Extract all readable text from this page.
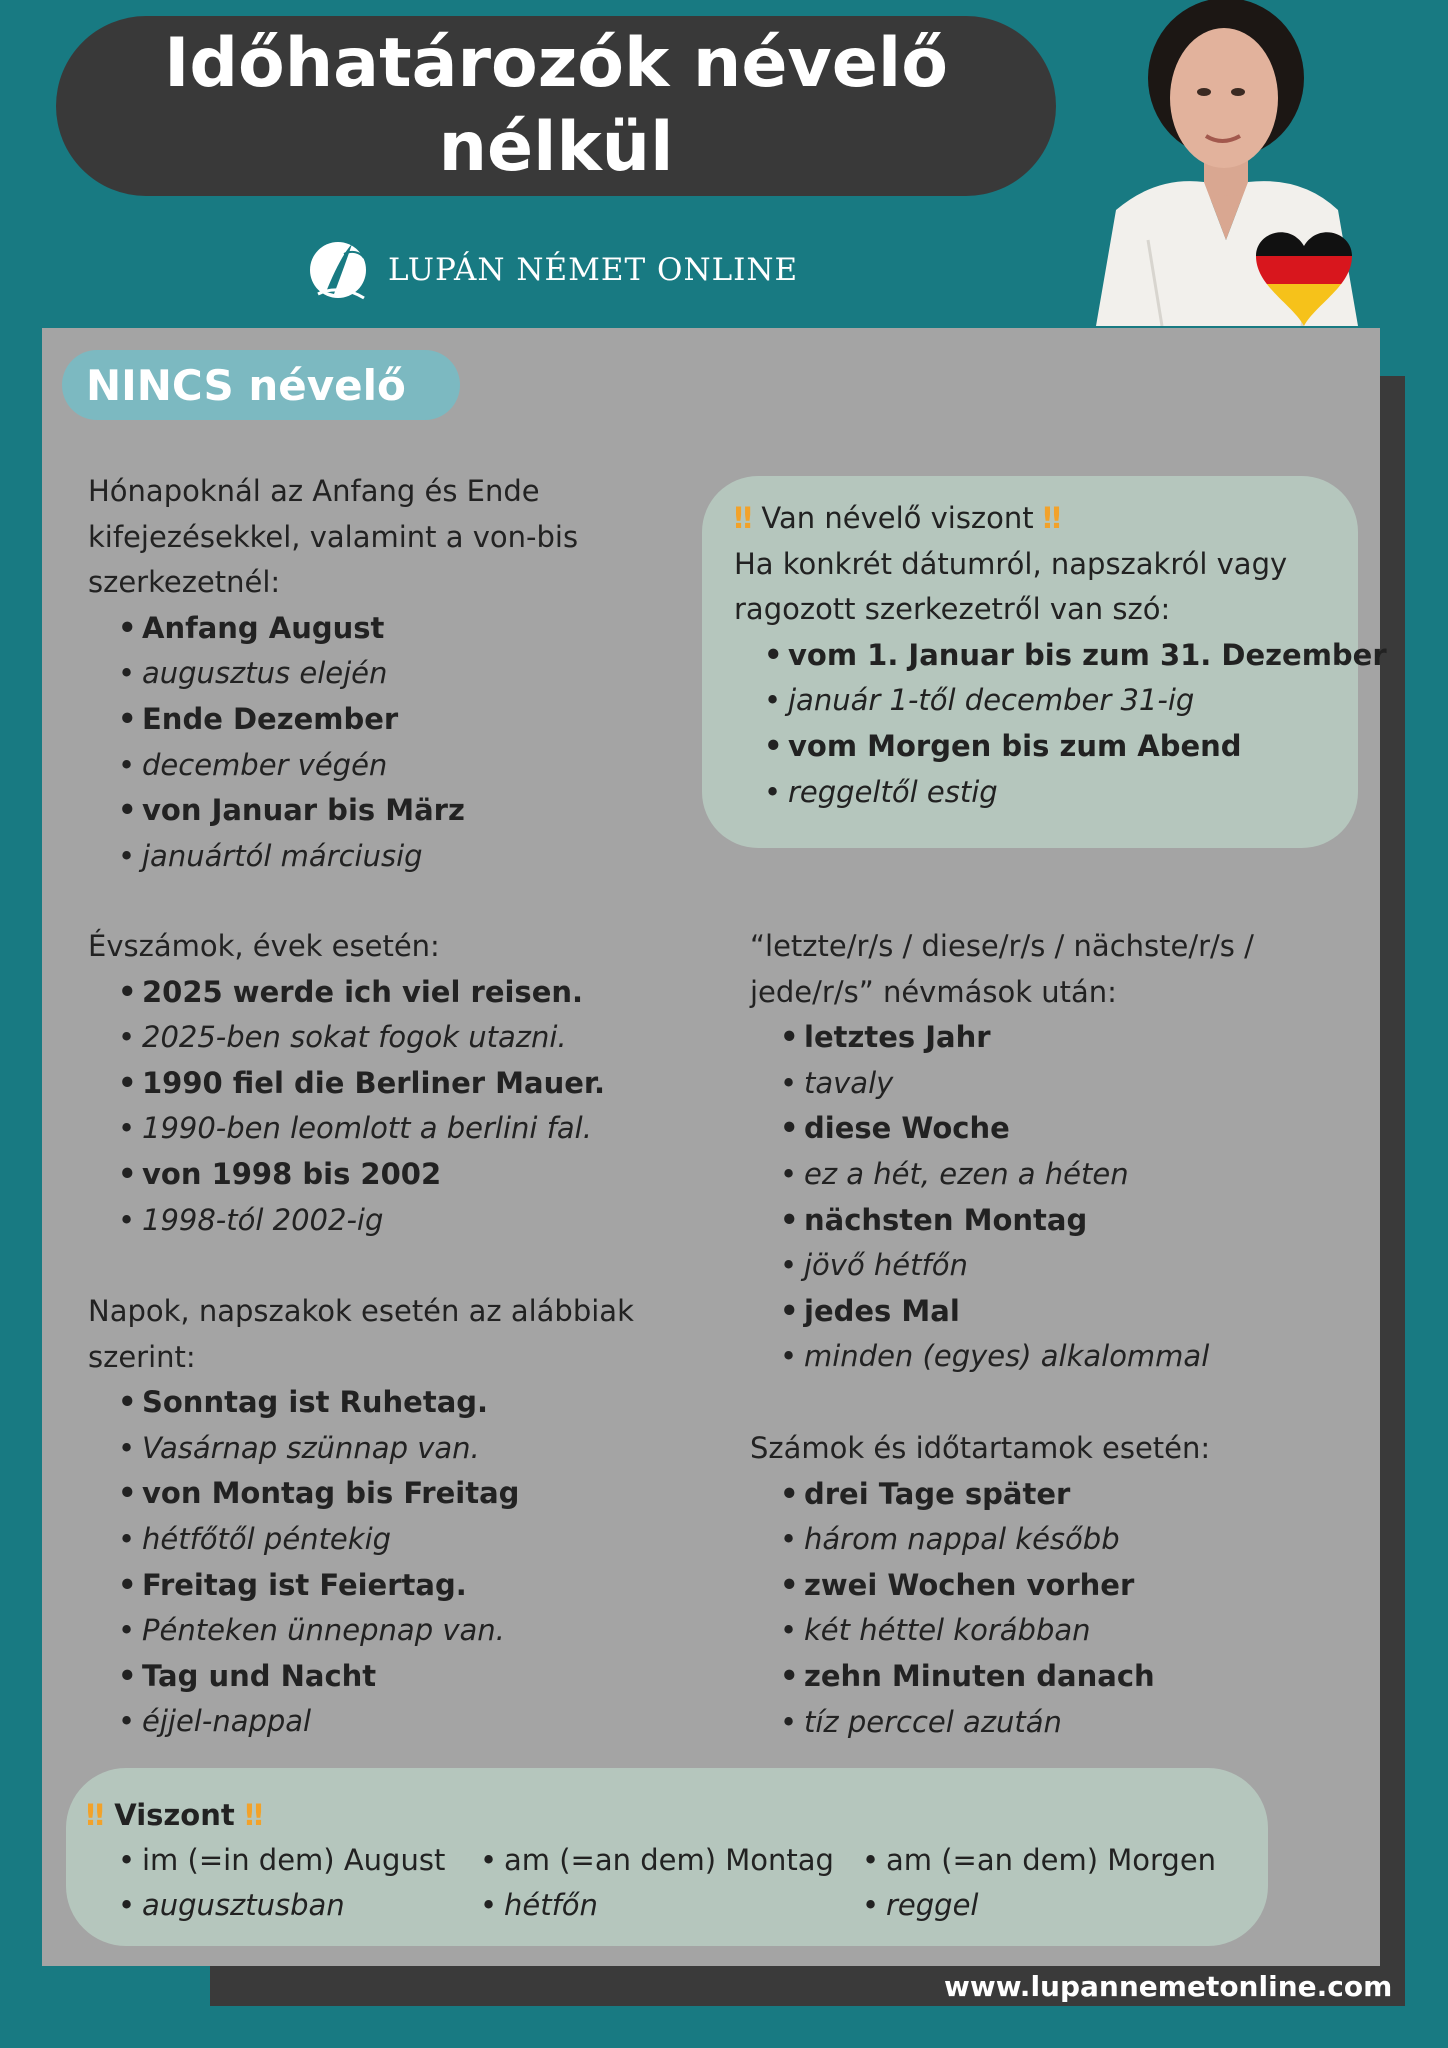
Időhatározók névelő
nélkül
LUPÁN NÉMET ONLINE
NINCS névelő
‼ Van névelő viszont ‼
Ha konkrét dátumról, napszakról vagy
ragozott szerkezetről van szó:
• vom 1. Januar bis zum 31. Dezember
• január 1-től december 31-ig
• vom Morgen bis zum Abend
• reggeltől estig
Hónapoknál az Anfang és Ende
kifejezésekkel, valamint a von-bis
szerkezetnél:
• Anfang August
• augusztus elején
• Ende Dezember
• december végén
• von Januar bis März
• januártól márciusig
Évszámok, évek esetén:
• 2025 werde ich viel reisen.
• 2025-ben sokat fogok utazni.
• 1990 fiel die Berliner Mauer.
• 1990-ben leomlott a berlini fal.
• von 1998 bis 2002
• 1998-tól 2002-ig
“letzte/r/s / diese/r/s / nächste/r/s /
jede/r/s” névmások után:
• letztes Jahr
• tavaly
• diese Woche
• ez a hét, ezen a héten
• nächsten Montag
• jövő hétfőn
• jedes Mal
• minden (egyes) alkalommal
Napok, napszakok esetén az alábbiak
szerint:
• Sonntag ist Ruhetag.
• Vasárnap szünnap van.
• von Montag bis Freitag
• hétfőtől péntekig
• Freitag ist Feiertag.
• Pénteken ünnepnap van.
• Tag und Nacht
• éjjel-nappal
Számok és időtartamok esetén:
• drei Tage später
• három nappal később
• zwei Wochen vorher
• két héttel korábban
• zehn Minuten danach
• tíz perccel azután
‼ Viszont ‼
• im (=in dem) August
• augusztusban
• am (=an dem) Montag
• hétfőn
• am (=an dem) Morgen
• reggel
www.lupannemetonline.com
